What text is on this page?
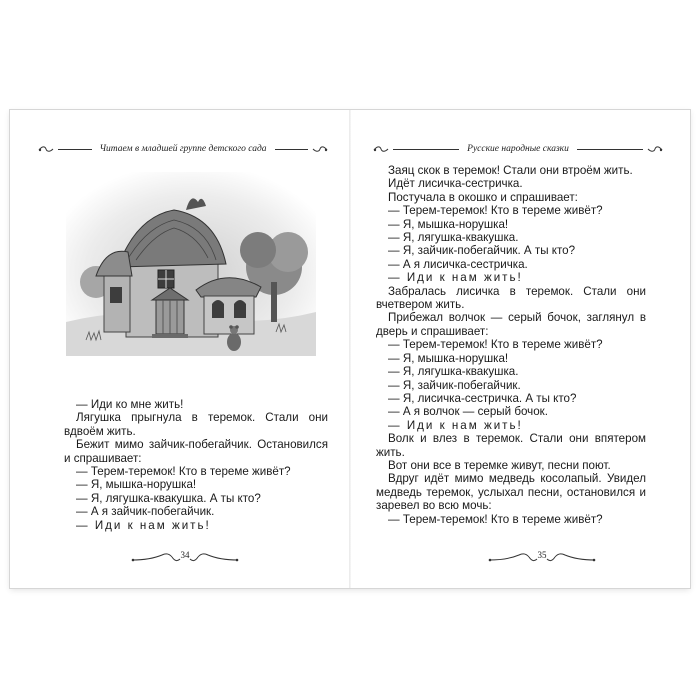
Читаем в младшей группе детского сада

— Иди ко мне жить!

Лягушка прыгнула в теремок. Стали они вдвоём жить.

Бежит мимо зайчик-побегайчик. Остановился и спрашивает:

— Терем-теремок! Кто в тереме живёт?

— Я, мышка-норушка!

— Я, лягушка-квакушка. А ты кто?

— А я зайчик-побегайчик.

— Иди к нам жить!

34
Русские народные сказки

Заяц скок в теремок! Стали они втроём жить.

Идёт лисичка-сестричка.

Постучала в окошко и спрашивает:

— Терем-теремок! Кто в тереме живёт?

— Я, мышка-норушка!

— Я, лягушка-квакушка.

— Я, зайчик-побегайчик. А ты кто?

— А я лисичка-сестричка.

— Иди к нам жить!

Забралась лисичка в теремок. Стали они вчетвером жить.

Прибежал волчок — серый бочок, заглянул в дверь и спрашивает:

— Терем-теремок! Кто в тереме живёт?

— Я, мышка-норушка!

— Я, лягушка-квакушка.

— Я, зайчик-побегайчик.

— Я, лисичка-сестричка. А ты кто?

— А я волчок — серый бочок.

— Иди к нам жить!

Волк и влез в теремок. Стали они впятером жить.

Вот они все в теремке живут, песни поют.

Вдруг идёт мимо медведь косолапый. Увидел медведь теремок, услыхал песни, остановился и заревел во всю мочь:

— Терем-теремок! Кто в тереме живёт?

35
